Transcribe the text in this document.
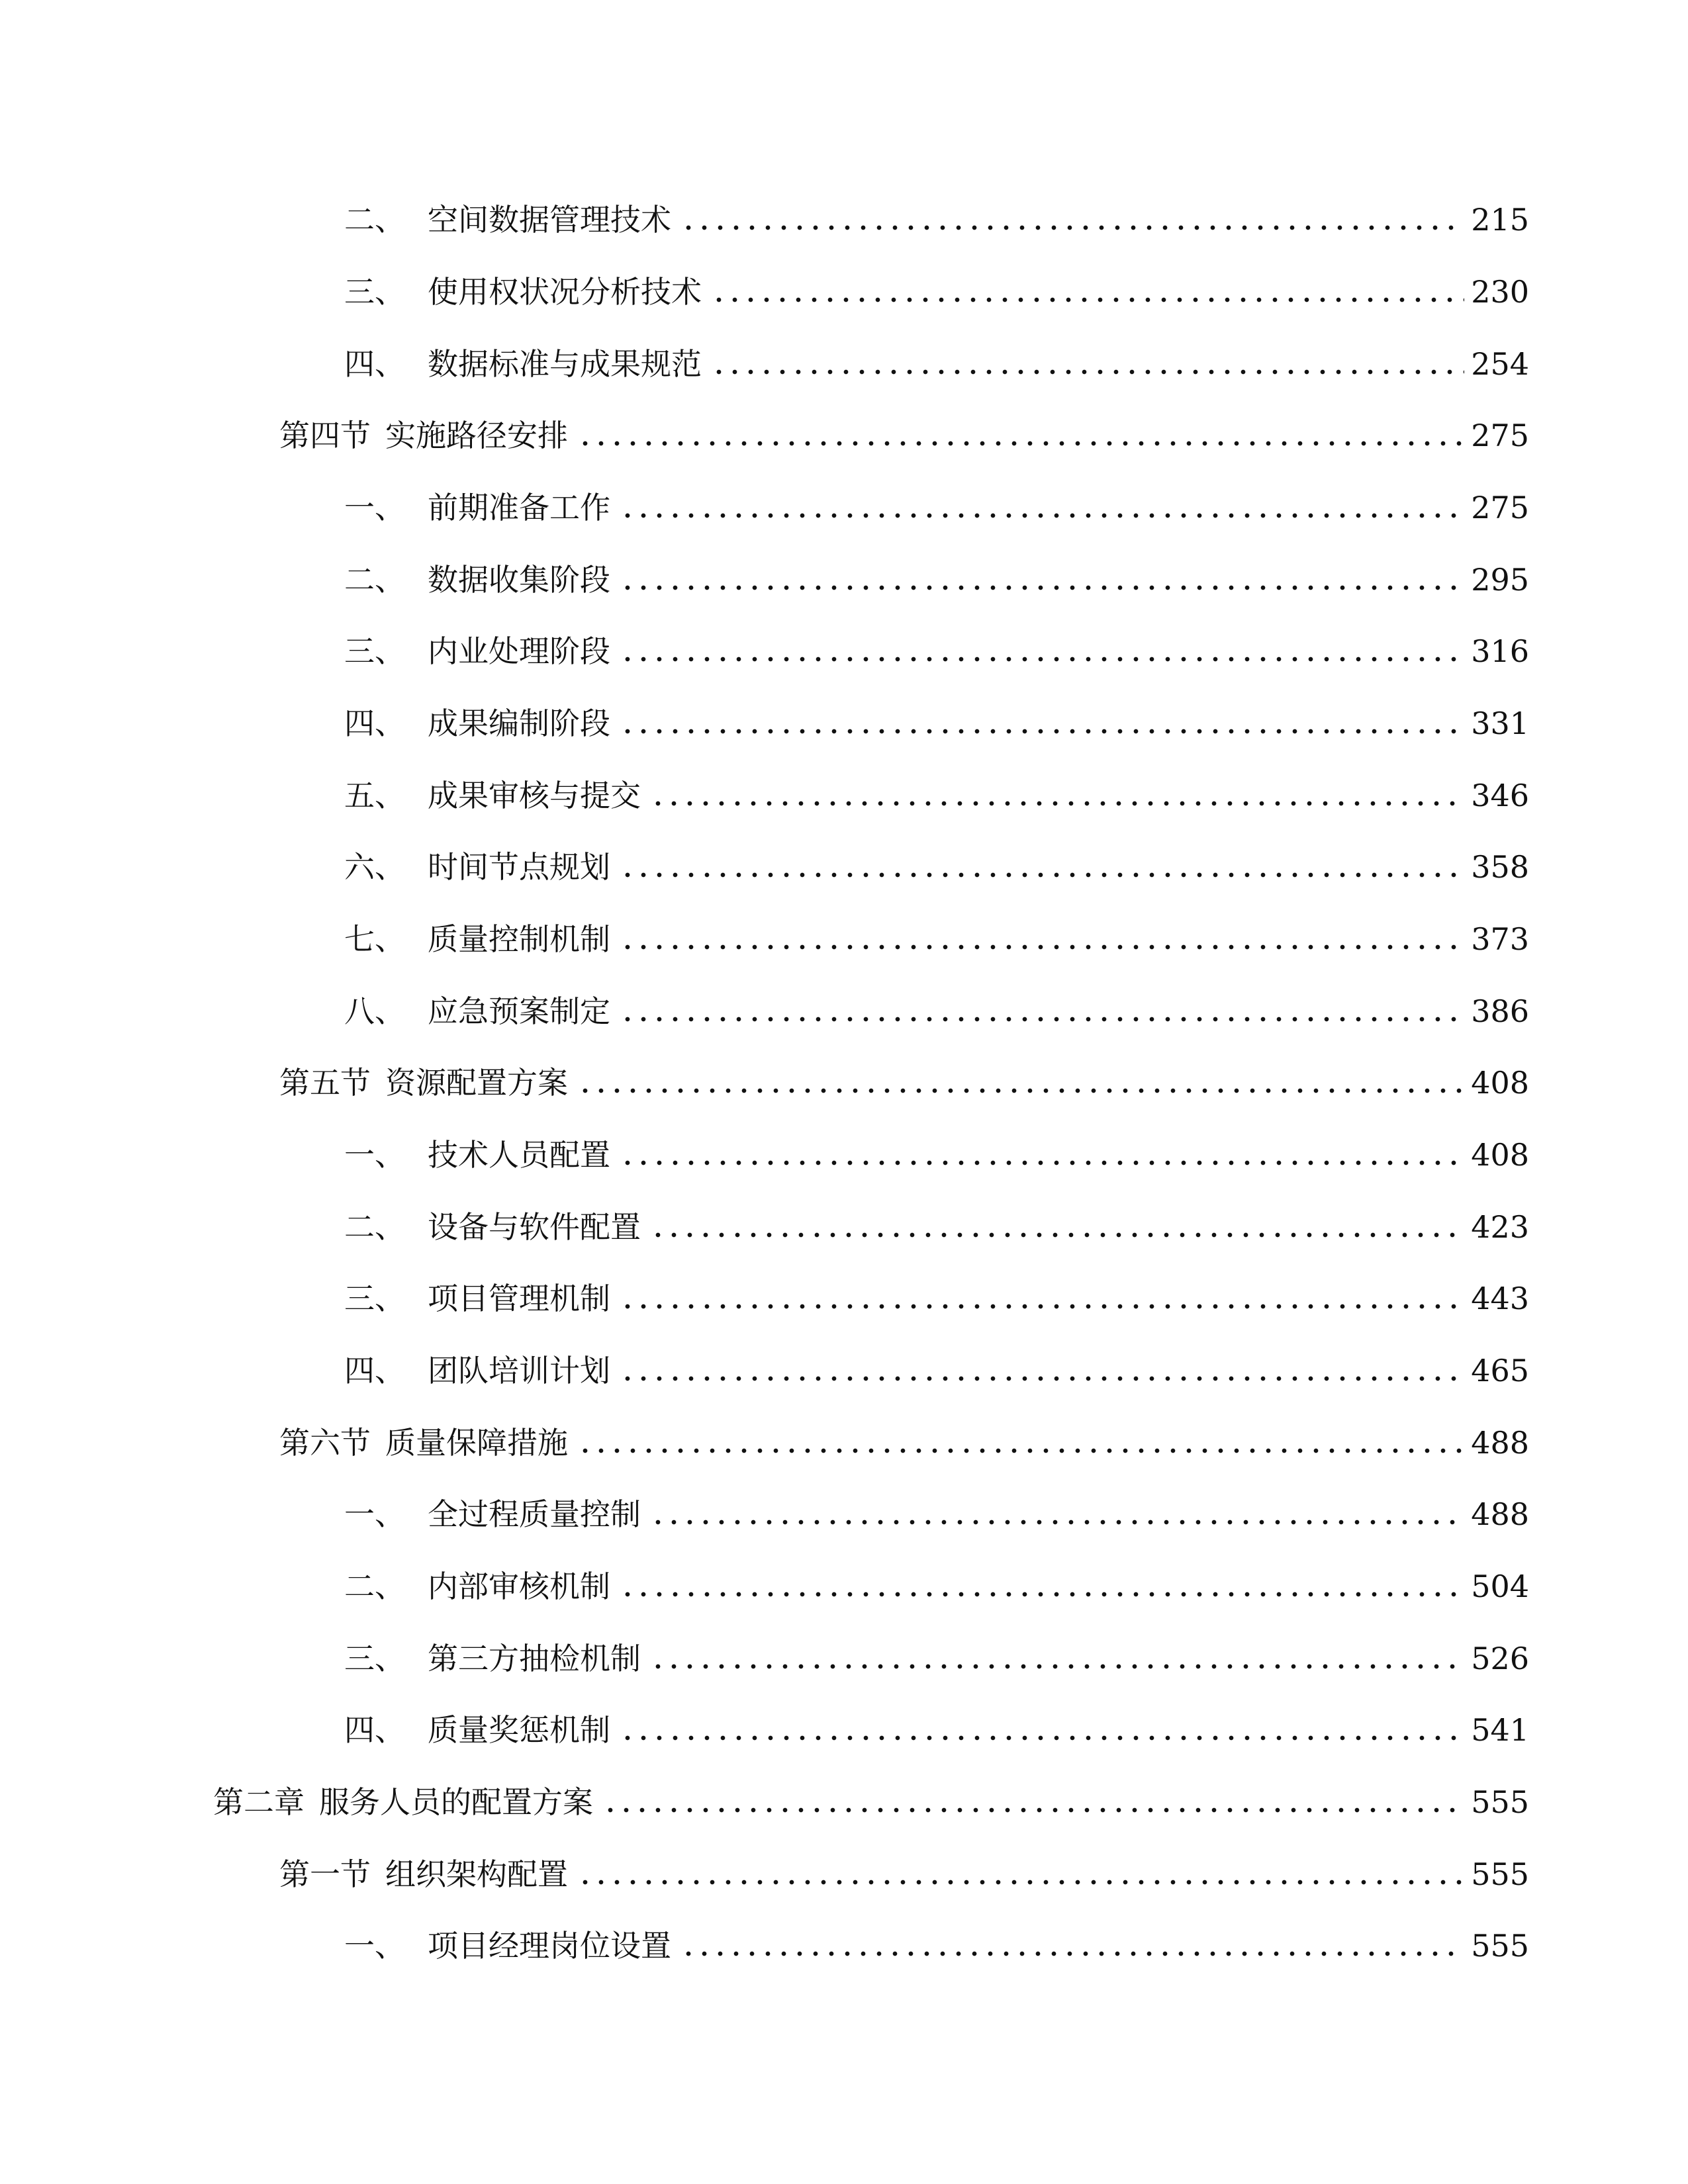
二、 空间数据管理技术	215
三、 使用权状况分析技术	230
四、 数据标准与成果规范	254
第四节 实施路径安排	275
一、 前期准备工作	275
二、 数据收集阶段	295
三、 内业处理阶段	316
四、 成果编制阶段	331
五、 成果审核与提交	346
六、 时间节点规划	358
七、 质量控制机制	373
八、 应急预案制定	386
第五节 资源配置方案	408
一、 技术人员配置	408
二、 设备与软件配置	423
三、 项目管理机制	443
四、 团队培训计划	465
第六节 质量保障措施	488
一、 全过程质量控制	488
二、 内部审核机制	504
三、 第三方抽检机制	526
四、 质量奖惩机制	541
第二章 服务人员的配置方案	555
第一节 组织架构配置	555
一、 项目经理岗位设置	555
